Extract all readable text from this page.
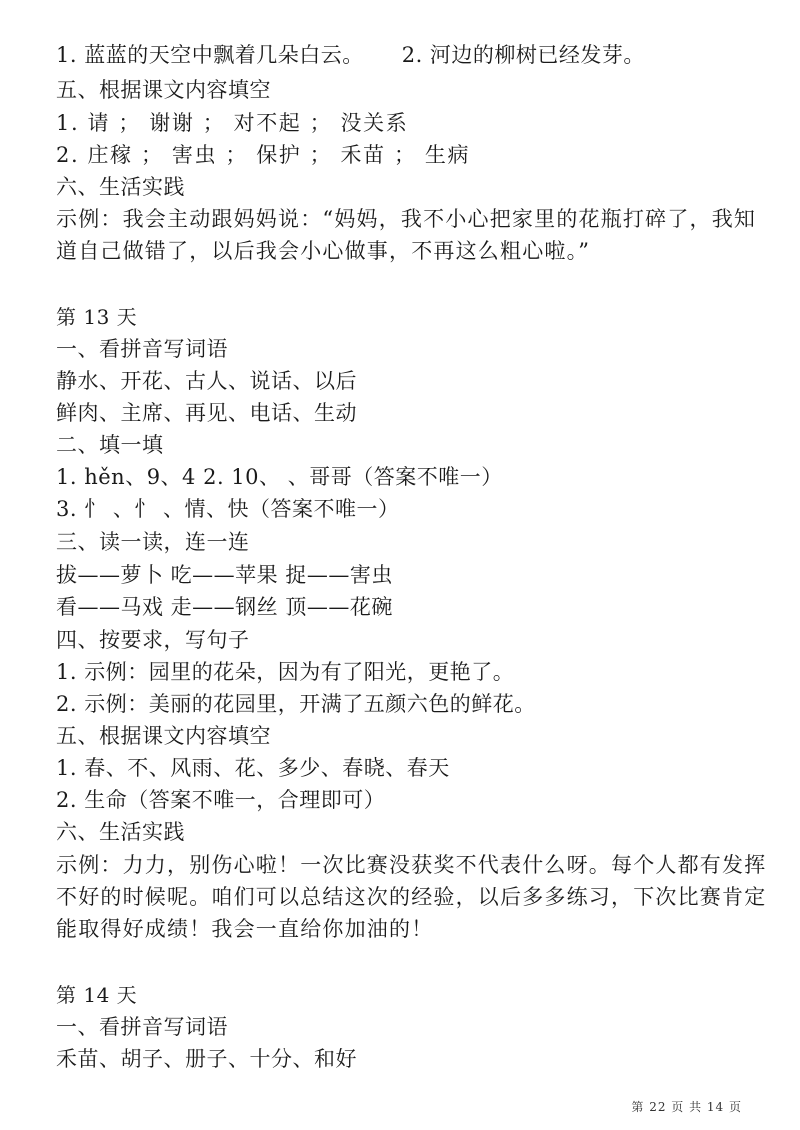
1. 蓝蓝的天空中飘着几朵白云。 2. 河边的柳树已经发芽。
五、根据课文内容填空
1. 请 ； 谢谢 ； 对不起 ； 没关系
2. 庄稼 ； 害虫 ； 保护 ； 禾苗 ； 生病
六、生活实践
示例：我会主动跟妈妈说：“妈妈，我不小心把家里的花瓶打碎了，我知
道自己做错了，以后我会小心做事，不再这么粗心啦。”
第 13 天
一、看拼音写词语
静水、开花、古人、说话、以后
鲜肉、主席、再见、电话、生动
二、填一填
1. hěn、9、4 2. 10、 、哥哥（答案不唯一）
3. 忄 、忄 、情、快（答案不唯一）
三、读一读，连一连
拔——萝卜 吃——苹果 捉——害虫
看——马戏 走——钢丝 顶——花碗
四、按要求，写句子
1. 示例：园里的花朵，因为有了阳光，更艳了。
2. 示例：美丽的花园里，开满了五颜六色的鲜花。
五、根据课文内容填空
1. 春、不、风雨、花、多少、春晓、春天
2. 生命（答案不唯一，合理即可）
六、生活实践
示例：力力，别伤心啦！一次比赛没获奖不代表什么呀。每个人都有发挥
不好的时候呢。咱们可以总结这次的经验，以后多多练习，下次比赛肯定
能取得好成绩！我会一直给你加油的！
第 14 天
一、看拼音写词语
禾苗、胡子、册子、十分、和好
第 22 页 共 14 页
